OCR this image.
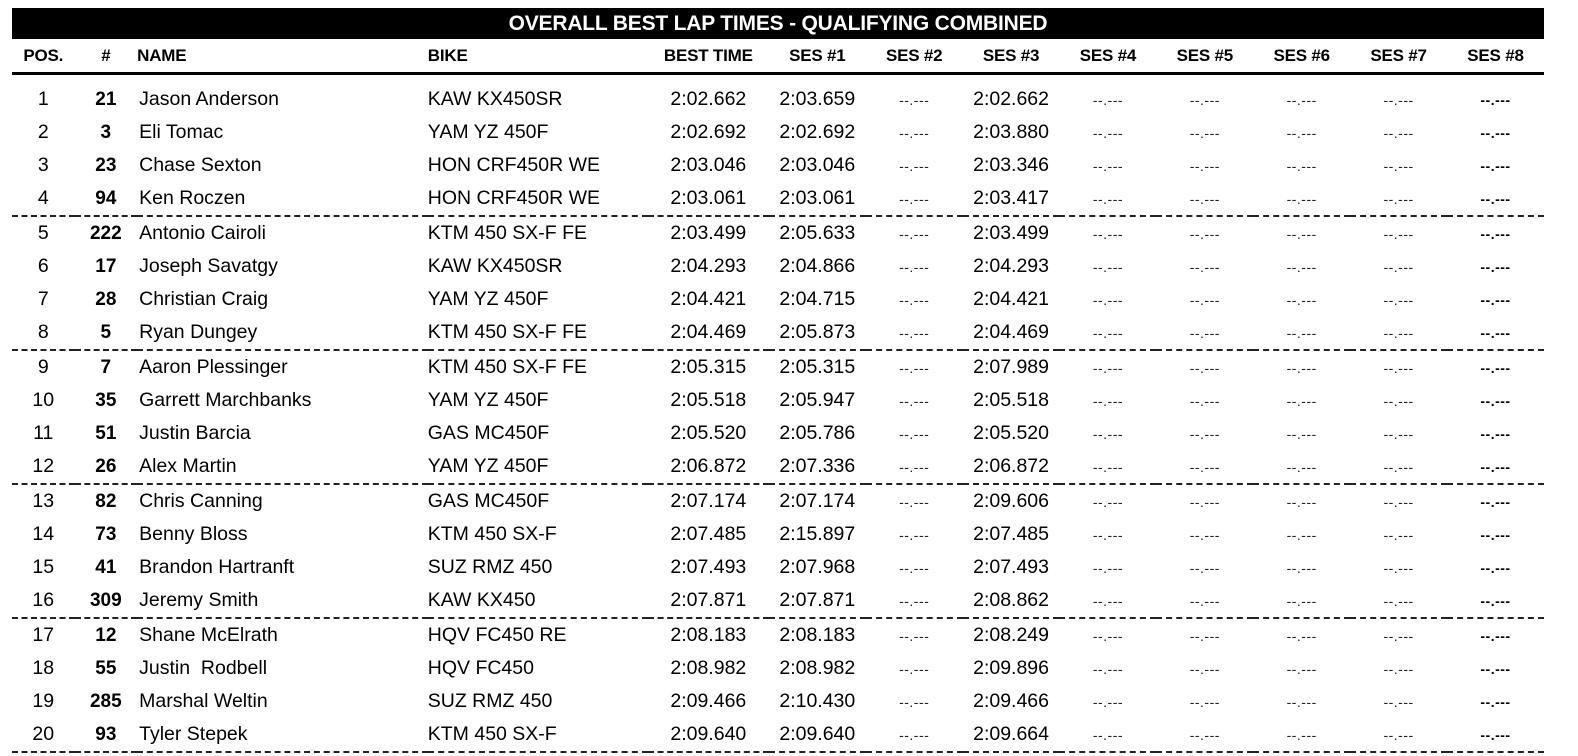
OVERALL BEST LAP TIMES - QUALIFYING COMBINED
POS.	#	NAME	BIKE	BEST TIME	SES #1	SES #2	SES #3	SES #4	SES #5	SES #6	SES #7	SES #8

1	21	Jason Anderson	KAW KX450SR	2:02.662	2:03.659	--.---	2:02.662	--.---	--.---	--.---	--.---	--.---
2	3	Eli Tomac	YAM YZ 450F	2:02.692	2:02.692	--.---	2:03.880	--.---	--.---	--.---	--.---	--.---
3	23	Chase Sexton	HON CRF450R WE	2:03.046	2:03.046	--.---	2:03.346	--.---	--.---	--.---	--.---	--.---
4	94	Ken Roczen	HON CRF450R WE	2:03.061	2:03.061	--.---	2:03.417	--.---	--.---	--.---	--.---	--.---
5	222	Antonio Cairoli	KTM 450 SX-F FE	2:03.499	2:05.633	--.---	2:03.499	--.---	--.---	--.---	--.---	--.---
6	17	Joseph Savatgy	KAW KX450SR	2:04.293	2:04.866	--.---	2:04.293	--.---	--.---	--.---	--.---	--.---
7	28	Christian Craig	YAM YZ 450F	2:04.421	2:04.715	--.---	2:04.421	--.---	--.---	--.---	--.---	--.---
8	5	Ryan Dungey	KTM 450 SX-F FE	2:04.469	2:05.873	--.---	2:04.469	--.---	--.---	--.---	--.---	--.---
9	7	Aaron Plessinger	KTM 450 SX-F FE	2:05.315	2:05.315	--.---	2:07.989	--.---	--.---	--.---	--.---	--.---
10	35	Garrett Marchbanks	YAM YZ 450F	2:05.518	2:05.947	--.---	2:05.518	--.---	--.---	--.---	--.---	--.---
11	51	Justin Barcia	GAS MC450F	2:05.520	2:05.786	--.---	2:05.520	--.---	--.---	--.---	--.---	--.---
12	26	Alex Martin	YAM YZ 450F	2:06.872	2:07.336	--.---	2:06.872	--.---	--.---	--.---	--.---	--.---
13	82	Chris Canning	GAS MC450F	2:07.174	2:07.174	--.---	2:09.606	--.---	--.---	--.---	--.---	--.---
14	73	Benny Bloss	KTM 450 SX-F	2:07.485	2:15.897	--.---	2:07.485	--.---	--.---	--.---	--.---	--.---
15	41	Brandon Hartranft	SUZ RMZ 450	2:07.493	2:07.968	--.---	2:07.493	--.---	--.---	--.---	--.---	--.---
16	309	Jeremy Smith	KAW KX450	2:07.871	2:07.871	--.---	2:08.862	--.---	--.---	--.---	--.---	--.---
17	12	Shane McElrath	HQV FC450 RE	2:08.183	2:08.183	--.---	2:08.249	--.---	--.---	--.---	--.---	--.---
18	55	Justin  Rodbell	HQV FC450	2:08.982	2:08.982	--.---	2:09.896	--.---	--.---	--.---	--.---	--.---
19	285	Marshal Weltin	SUZ RMZ 450	2:09.466	2:10.430	--.---	2:09.466	--.---	--.---	--.---	--.---	--.---
20	93	Tyler Stepek	KTM 450 SX-F	2:09.640	2:09.640	--.---	2:09.664	--.---	--.---	--.---	--.---	--.---
